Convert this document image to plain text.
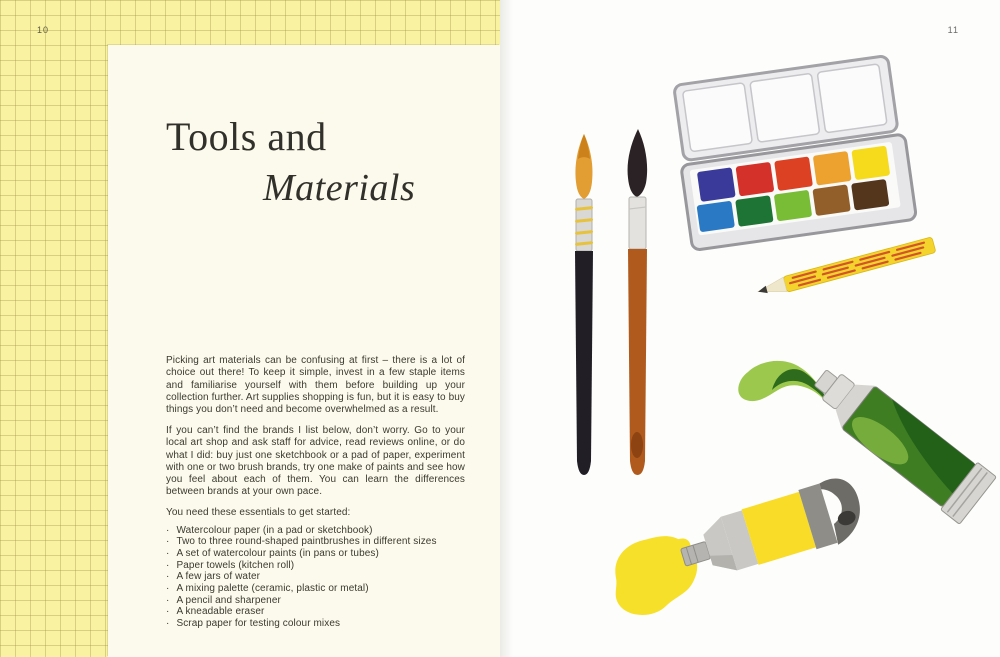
10
Tools and
Materials

Picking art materials can be confusing at first – there is a lot of choice out there! To keep it simple, invest in a few staple items and familiarise yourself with them before building up your collection further. Art supplies shopping is fun, but it is easy to buy things you don’t need and become overwhelmed as a result.

If you can’t find the brands I list below, don’t worry. Go to your local art shop and ask staff for advice, read reviews online, or do what I did: buy just one sketchbook or a pad of paper, experiment with one or two brush brands, try one make of paints and see how you feel about each of them. You can learn the differences between brands at your own pace.

You need these essentials to get started:

· Watercolour paper (in a pad or sketchbook)
· Two to three round-shaped paintbrushes in different sizes
· A set of watercolour paints (in pans or tubes)
· Paper towels (kitchen roll)
· A few jars of water
· A mixing palette (ceramic, plastic or metal)
· A pencil and sharpener
· A kneadable eraser
· Scrap paper for testing colour mixes
11
